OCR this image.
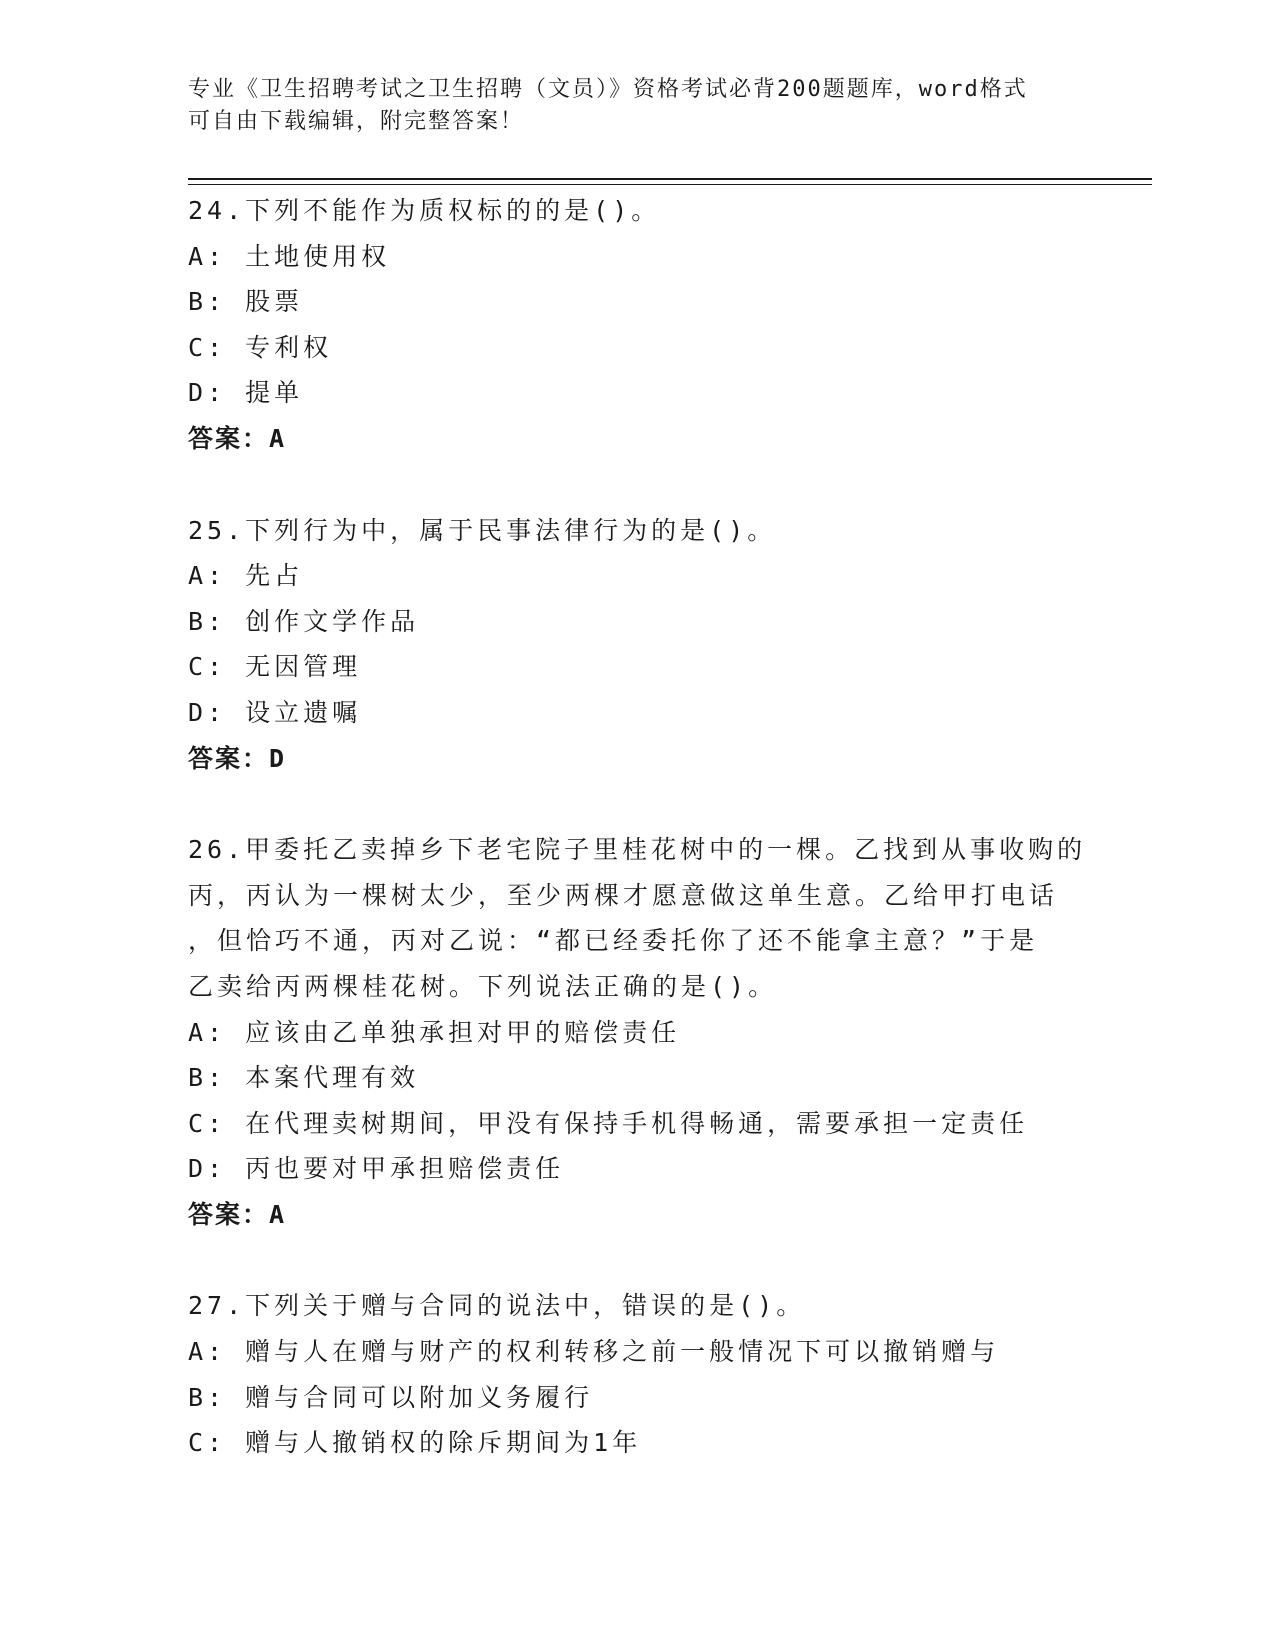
专业《卫生招聘考试之卫生招聘（文员）》资格考试必背200题题库，word格式
可自由下载编辑，附完整答案！
24.下列不能作为质权标的的是()。
A: 土地使用权
B: 股票
C: 专利权
D: 提单
答案：A
25.下列行为中，属于民事法律行为的是()。
A: 先占
B: 创作文学作品
C: 无因管理
D: 设立遗嘱
答案：D
26.甲委托乙卖掉乡下老宅院子里桂花树中的一棵。乙找到从事收购的
丙，丙认为一棵树太少，至少两棵才愿意做这单生意。乙给甲打电话
，但恰巧不通，丙对乙说：“都已经委托你了还不能拿主意？”于是
乙卖给丙两棵桂花树。下列说法正确的是()。
A: 应该由乙单独承担对甲的赔偿责任
B: 本案代理有效
C: 在代理卖树期间，甲没有保持手机得畅通，需要承担一定责任
D: 丙也要对甲承担赔偿责任
答案：A
27.下列关于赠与合同的说法中，错误的是()。
A: 赠与人在赠与财产的权利转移之前一般情况下可以撤销赠与
B: 赠与合同可以附加义务履行
C: 赠与人撤销权的除斥期间为1年
